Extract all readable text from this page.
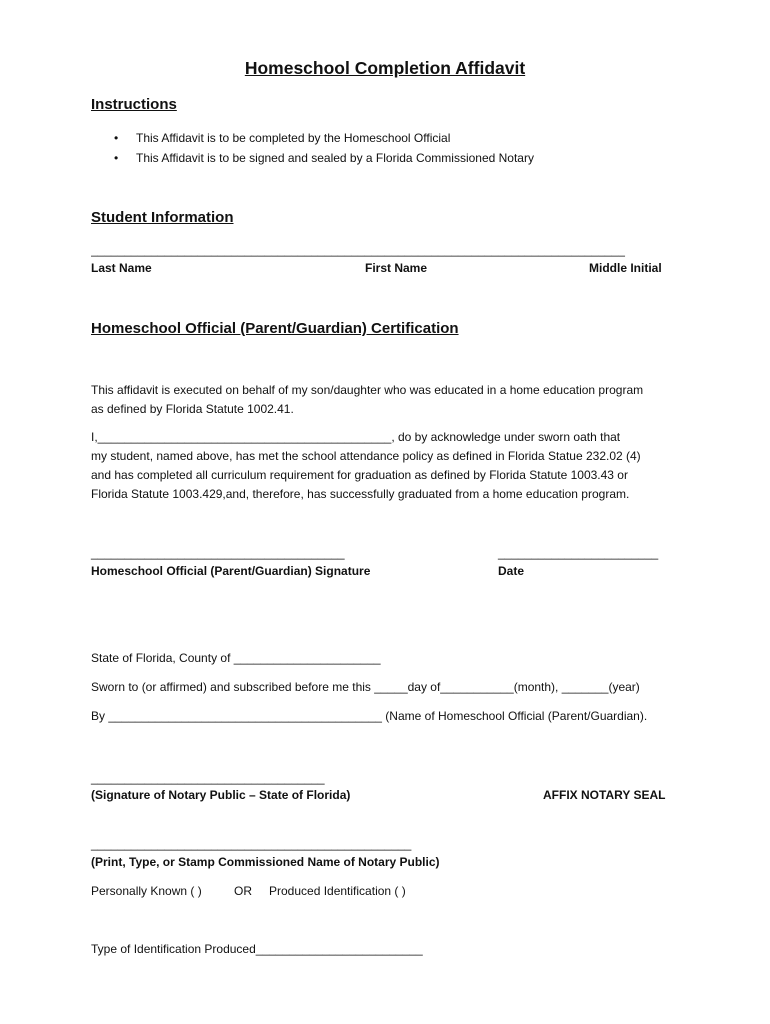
Homeschool Completion Affidavit
Instructions
• This Affidavit is to be completed by the Homeschool Official
• This Affidavit is to be signed and sealed by a Florida Commissioned Notary
Student Information
________________________________________________________________________________
Last Name	First Name	Middle Initial
Homeschool Official (Parent/Guardian) Certification
This affidavit is executed on behalf of my son/daughter who was educated in a home education program
as defined by Florida Statute 1002.41.
I,____________________________________________, do by acknowledge under sworn oath that
my student, named above, has met the school attendance policy as defined in Florida Statue 232.02 (4)
and has completed all curriculum requirement for graduation as defined by Florida Statute 1003.43 or
Florida Statute 1003.429,and, therefore, has successfully graduated from a home education program.
______________________________________
Homeschool Official (Parent/Guardian) Signature
________________________
Date
State of Florida, County of ______________________
Sworn to (or affirmed) and subscribed before me this _____day of___________(month), _______(year)
By _________________________________________ (Name of Homeschool Official (Parent/Guardian).
___________________________________
(Signature of Notary Public – State of Florida)	AFFIX NOTARY SEAL
________________________________________________
(Print, Type, or Stamp Commissioned Name of Notary Public)
Personally Known ( )	OR Produced Identification ( )
Type of Identification Produced_________________________
